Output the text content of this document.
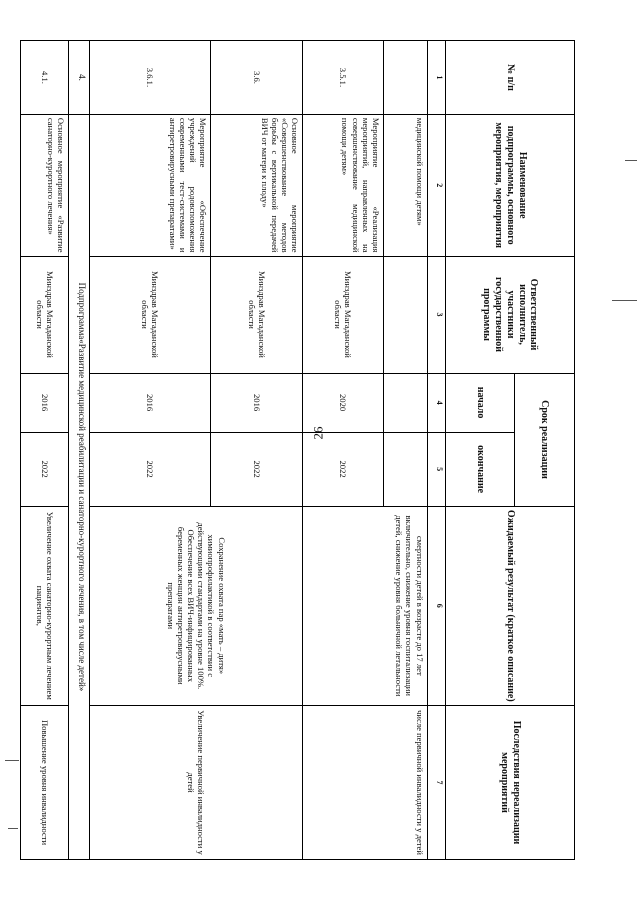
26
№ п/п	Наименование подпрограммы, основного мероприятия, мероприятия	Ответственный исполнитель, участники государственной программы	Срок реализации		Ожидаемый результат (краткое описание)	Последствия нереализации мероприятий
			начало	окончание		
1	2	3	4	5	6	7
	медицинской помощи детям»				смертности детей в возрасте до 17 лет включительно, снижение уровня госпитализации детей, снижение уровня больничной летальности	числе первичной инвалидности у детей
3.5.1.	Мероприятие «Реализация мероприятий, направленных на совершенствование медицинской помощи детям»	Минздрав Магаданской области	2020	2022		
3.6.	Основное мероприятие «Совершенствование методов борьбы с вертикальной передачей ВИЧ от матери к плоду»	Минздрав Магаданской области	2016	2022	Сохранение охвата пар «мать – дитя» химиопрофилактикой в соответствии с действующими стандартами на уровне 100%. Обеспечение всех ВИЧ-инфицированных беременных женщин антиретровирусными препаратами	Увеличение первичной инвалидности у детей
3.6.1.	Мероприятие «Обеспечение учреждений родовспоможения современными тест-системами и антиретровирусными препаратами»	Минздрав Магаданской области	2016	2022		
4.	Подпрограмма«Развитие медицинской реабилитации и санаторно-курортного лечения, в том числе детей»					
4.1.	Основное мероприятие «Развитие санаторно-курортного лечения»	Минздрав Магаданской области	2016	2022	Увеличение охвата санаторно-курортным лечением пациентов,	Повышение уровня инвалидности
